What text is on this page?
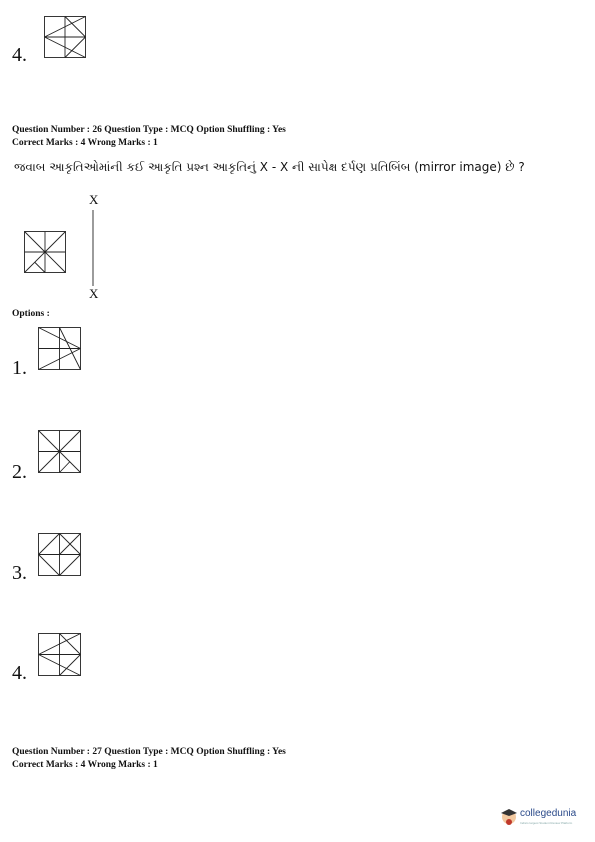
4.
Question Number : 26 Question Type : MCQ Option Shuffling : Yes
Correct Marks : 4 Wrong Marks : 1
જવાબ આકૃતિઓમાંની કઈ આકૃતિ પ્રશ્ન આકૃતિનું X - X ની સાપેક્ષ દર્પણ પ્રતિબિંબ (mirror image) છે ?
X
X
Options :
1.
2.
3.
4.
Question Number : 27 Question Type : MCQ Option Shuffling : Yes
Correct Marks : 4 Wrong Marks : 1
collegedunia
India's largest Student Review Platform
